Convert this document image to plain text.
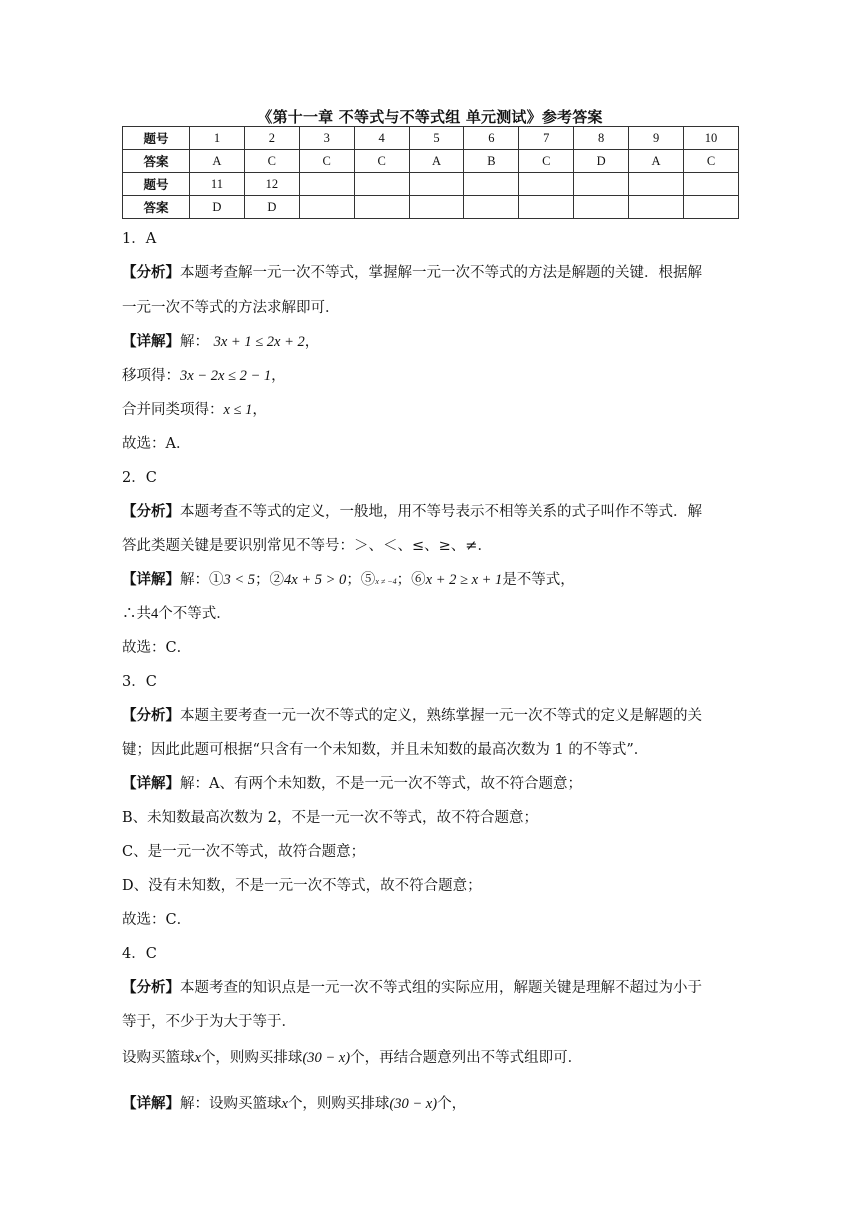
《第十一章 不等式与不等式组 单元测试》参考答案
题号	1	2	3	4	5	6	7	8	9	10
答案	A	C	C	C	A	B	C	D	A	C
题号	11	12								
答案	D	D								
1．A
【分析】本题考查解一元一次不等式，掌握解一元一次不等式的方法是解题的关键．根据解
一元一次不等式的方法求解即可．
【详解】解： 3x + 1 ≤ 2x + 2，
移项得：3x − 2x ≤ 2 − 1，
合并同类项得：x ≤ 1，
故选：A．
2．C
【分析】本题考查不等式的定义，一般地，用不等号表示不相等关系的式子叫作不等式．解
答此类题关键是要识别常见不等号：＞、＜、≤、≥、≠．
【详解】解：①3 < 5；②4x + 5 > 0；⑤x ≠ −4；⑥x + 2 ≥ x + 1是不等式，
∴共4个不等式．
故选：C．
3．C
【分析】本题主要考查一元一次不等式的定义，熟练掌握一元一次不等式的定义是解题的关
键；因此此题可根据“只含有一个未知数，并且未知数的最高次数为 1 的不等式”．
【详解】解：A、有两个未知数，不是一元一次不等式，故不符合题意；
B、未知数最高次数为 2，不是一元一次不等式，故不符合题意；
C、是一元一次不等式，故符合题意；
D、没有未知数，不是一元一次不等式，故不符合题意；
故选：C．
4．C
【分析】本题考查的知识点是一元一次不等式组的实际应用，解题关键是理解不超过为小于
等于，不少于为大于等于．
设购买篮球x个，则购买排球(30 − x)个，再结合题意列出不等式组即可．
【详解】解：设购买篮球x个，则购买排球(30 − x)个，
